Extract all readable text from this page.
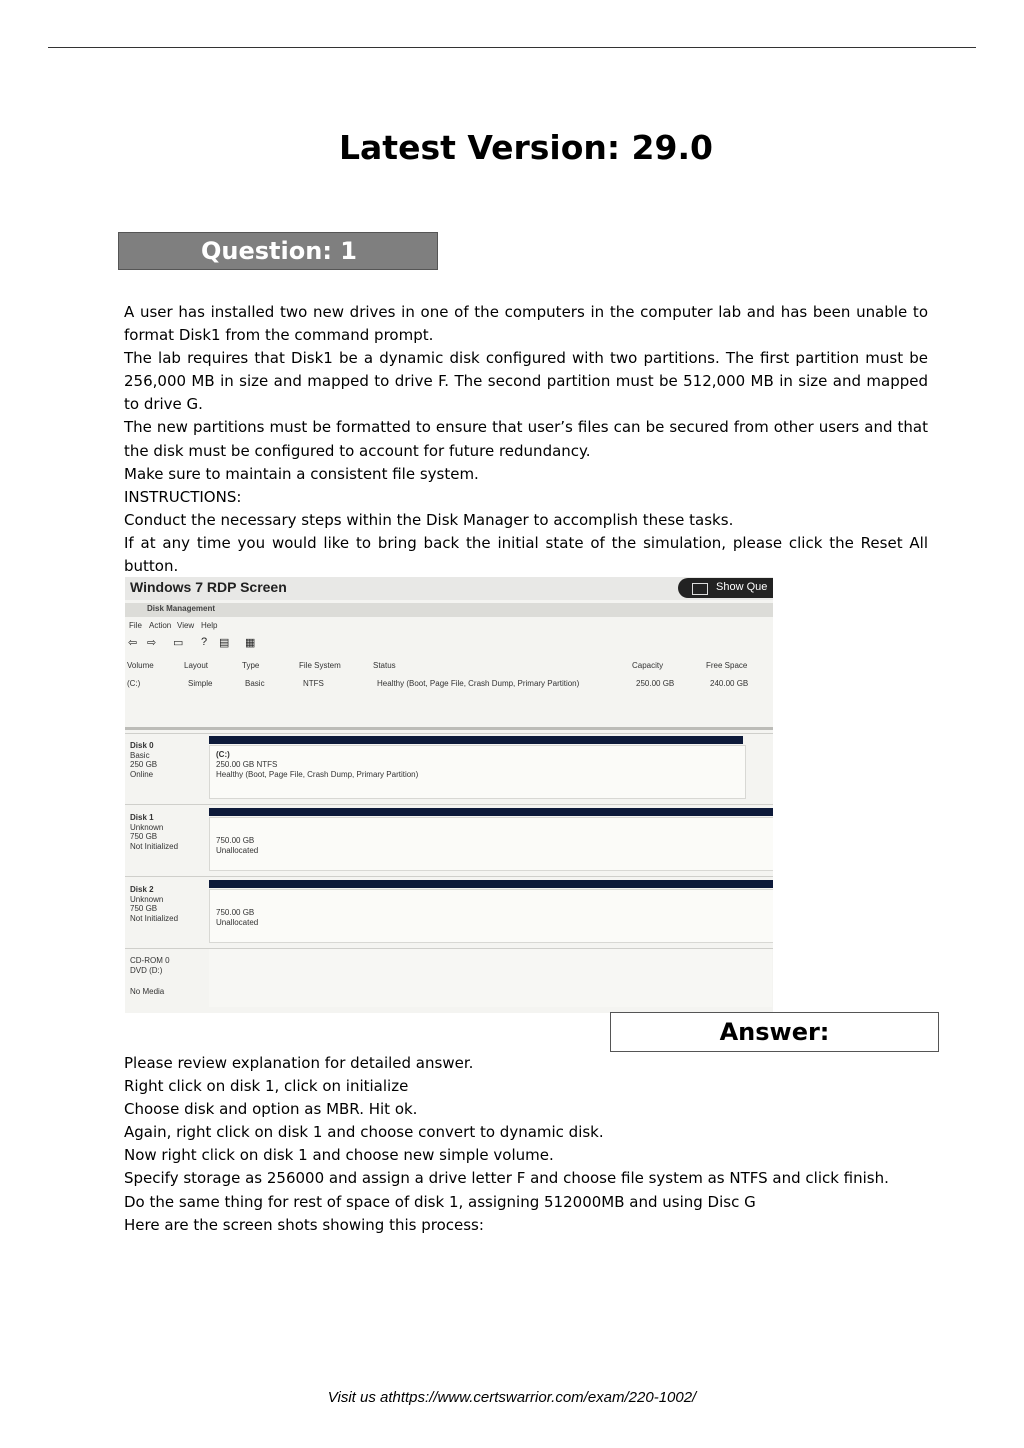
Latest Version: 29.0
Question: 1

A user has installed two new drives in one of the computers in the computer lab and has been unable to format Disk1 from the command prompt.

The lab requires that Disk1 be a dynamic disk configured with two partitions. The first partition must be 256,000 MB in size and mapped to drive F. The second partition must be 512,000 MB in size and mapped to drive G.

The new partitions must be formatted to ensure that user’s files can be secured from other users and that the disk must be configured to account for future redundancy.

Make sure to maintain a consistent file system.

INSTRUCTIONS:

Conduct the necessary steps within the Disk Manager to accomplish these tasks.

If at any time you would like to bring back the initial state of the simulation, please click the Reset All button.

Windows 7 RDP Screen	Show Que
Disk Management
File Action View Help
⇦ ⇨ ▭ ? ▤ ▦
Volume	Layout	Type	File System	Status	Capacity	Free Space
(C:)	Simple	Basic	NTFS	Healthy (Boot, Page File, Crash Dump, Primary Partition)	250.00 GB	240.00 GB
Disk 0
Basic
250 GB
Online
(C:)
250.00 GB NTFS
Healthy (Boot, Page File, Crash Dump, Primary Partition)
Disk 1
Unknown
750 GB
Not Initialized
750.00 GB
Unallocated
Disk 2
Unknown
750 GB
Not Initialized
750.00 GB
Unallocated
CD-ROM 0
DVD (D:)
No Media
Answer:

Please review explanation for detailed answer.

Right click on disk 1, click on initialize

Choose disk and option as MBR. Hit ok.

Again, right click on disk 1 and choose convert to dynamic disk.

Now right click on disk 1 and choose new simple volume.

Specify storage as 256000 and assign a drive letter F and choose file system as NTFS and click finish.

Do the same thing for rest of space of disk 1, assigning 512000MB and using Disc G

Here are the screen shots showing this process:

Visit us athttps://www.certswarrior.com/exam/220-1002/
